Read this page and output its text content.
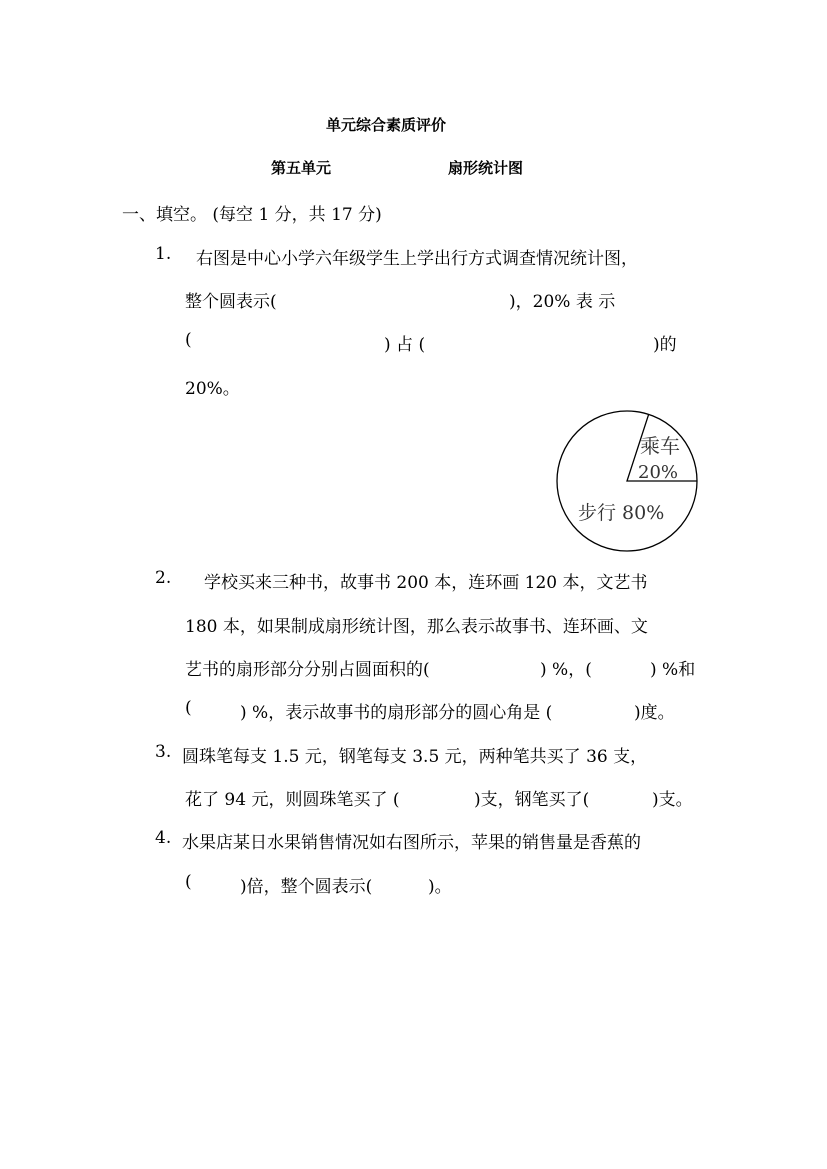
单元综合素质评价
第五单元	扇形统计图
一、填空。 (每空 1 分，共 17 分)
1. 右图是中心小学六年级学生上学出行方式调查情况统计图，
整个圆表示(	)，20% 表 示
(	) 占 (	)的
20%。
乘车
20%
步行 80%
2. 学校买来三种书，故事书 200 本，连环画 120 本，文艺书
180 本，如果制成扇形统计图，那么表示故事书、连环画、文
艺书的扇形部分分别占圆面积的(	) %，(	) %和
(	) %，表示故事书的扇形部分的圆心角是 (	)度。
3. 圆珠笔每支 1.5 元，钢笔每支 3.5 元，两种笔共买了 36 支，
花了 94 元，则圆珠笔买了 (	)支，钢笔买了(	)支。
4. 水果店某日水果销售情况如右图所示，苹果的销售量是香蕉的
(	)倍，整个圆表示(	)。
